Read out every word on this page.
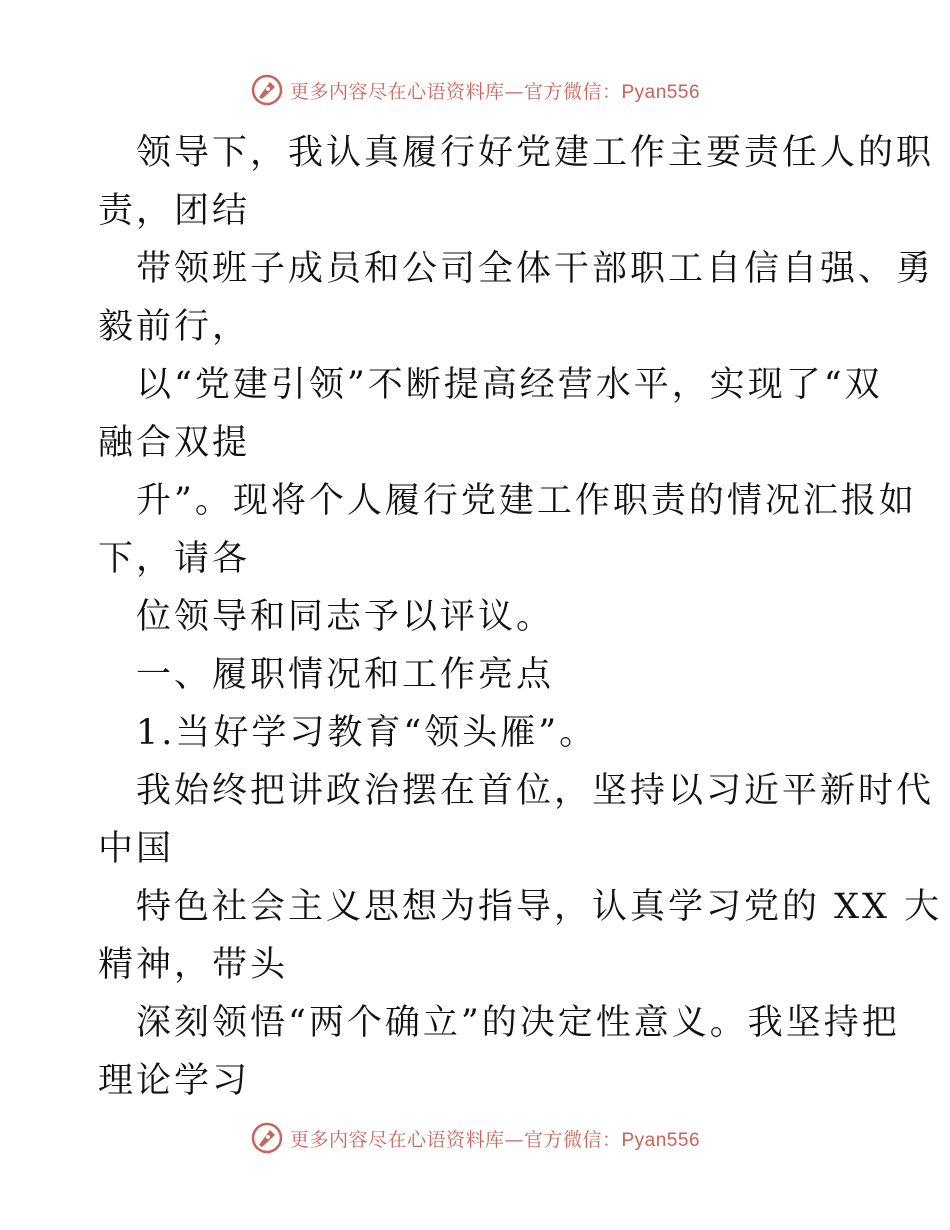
更多内容尽在心语资料库—官方微信：Pyan556
领导下，我认真履行好党建工作主要责任人的职
责，团结
带领班子成员和公司全体干部职工自信自强、勇
毅前行，
以“党建引领”不断提高经营水平，实现了“双
融合双提
升”。现将个人履行党建工作职责的情况汇报如
下，请各
位领导和同志予以评议。
一、履职情况和工作亮点
1.当好学习教育“领头雁”。
我始终把讲政治摆在首位，坚持以习近平新时代
中国
特色社会主义思想为指导，认真学习党的 XX 大
精神，带头
深刻领悟“两个确立”的决定性意义。我坚持把
理论学习
更多内容尽在心语资料库—官方微信：Pyan556
